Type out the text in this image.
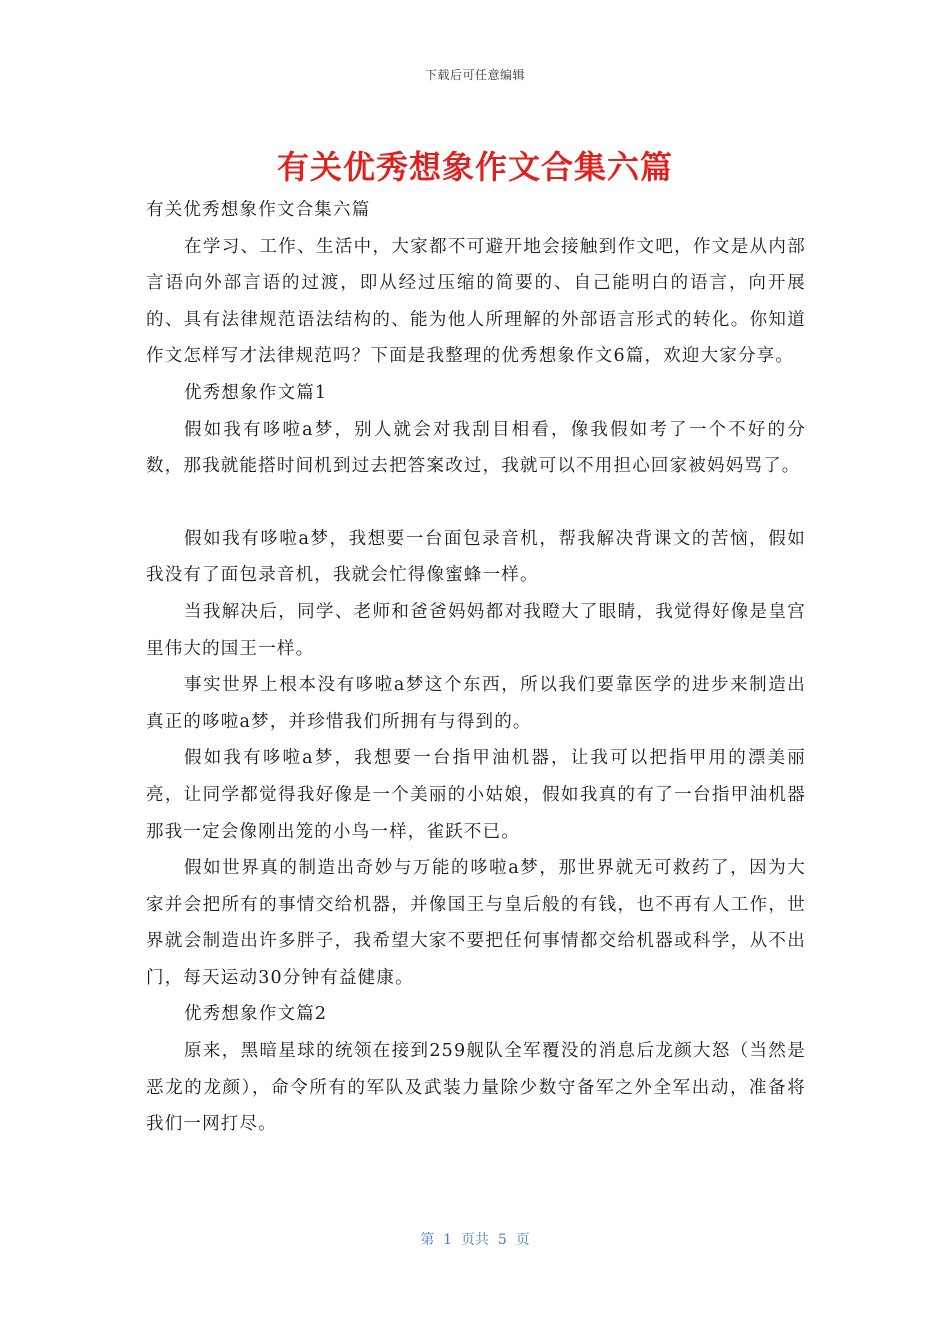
下载后可任意编辑
有关优秀想象作文合集六篇

有关优秀想象作文合集六篇

在学习、工作、生活中，大家都不可避开地会接触到作文吧，作文是从内部言语向外部言语的过渡，即从经过压缩的简要的、自己能明白的语言，向开展的、具有法律规范语法结构的、能为他人所理解的外部语言形式的转化。你知道作文怎样写才法律规范吗？下面是我整理的优秀想象作文6篇，欢迎大家分享。

优秀想象作文篇1

假如我有哆啦a梦，别人就会对我刮目相看，像我假如考了一个不好的分数，那我就能搭时间机到过去把答案改过，我就可以不用担心回家被妈妈骂了。

假如我有哆啦a梦，我想要一台面包录音机，帮我解决背课文的苦恼，假如我没有了面包录音机，我就会忙得像蜜蜂一样。

当我解决后，同学、老师和爸爸妈妈都对我瞪大了眼睛，我觉得好像是皇宫里伟大的国王一样。

事实世界上根本没有哆啦a梦这个东西，所以我们要靠医学的进步来制造出真正的哆啦a梦，并珍惜我们所拥有与得到的。

假如我有哆啦a梦，我想要一台指甲油机器，让我可以把指甲用的漂美丽亮，让同学都觉得我好像是一个美丽的小姑娘，假如我真的有了一台指甲油机器那我一定会像刚出笼的小鸟一样，雀跃不已。

假如世界真的制造出奇妙与万能的哆啦a梦，那世界就无可救药了，因为大家并会把所有的事情交给机器，并像国王与皇后般的有钱，也不再有人工作，世界就会制造出许多胖子，我希望大家不要把任何事情都交给机器或科学，从不出门，每天运动30分钟有益健康。

优秀想象作文篇2

原来，黑暗星球的统领在接到259舰队全军覆没的消息后龙颜大怒（当然是恶龙的龙颜），命令所有的军队及武装力量除少数守备军之外全军出动，准备将我们一网打尽。

第  1  页共  5  页
